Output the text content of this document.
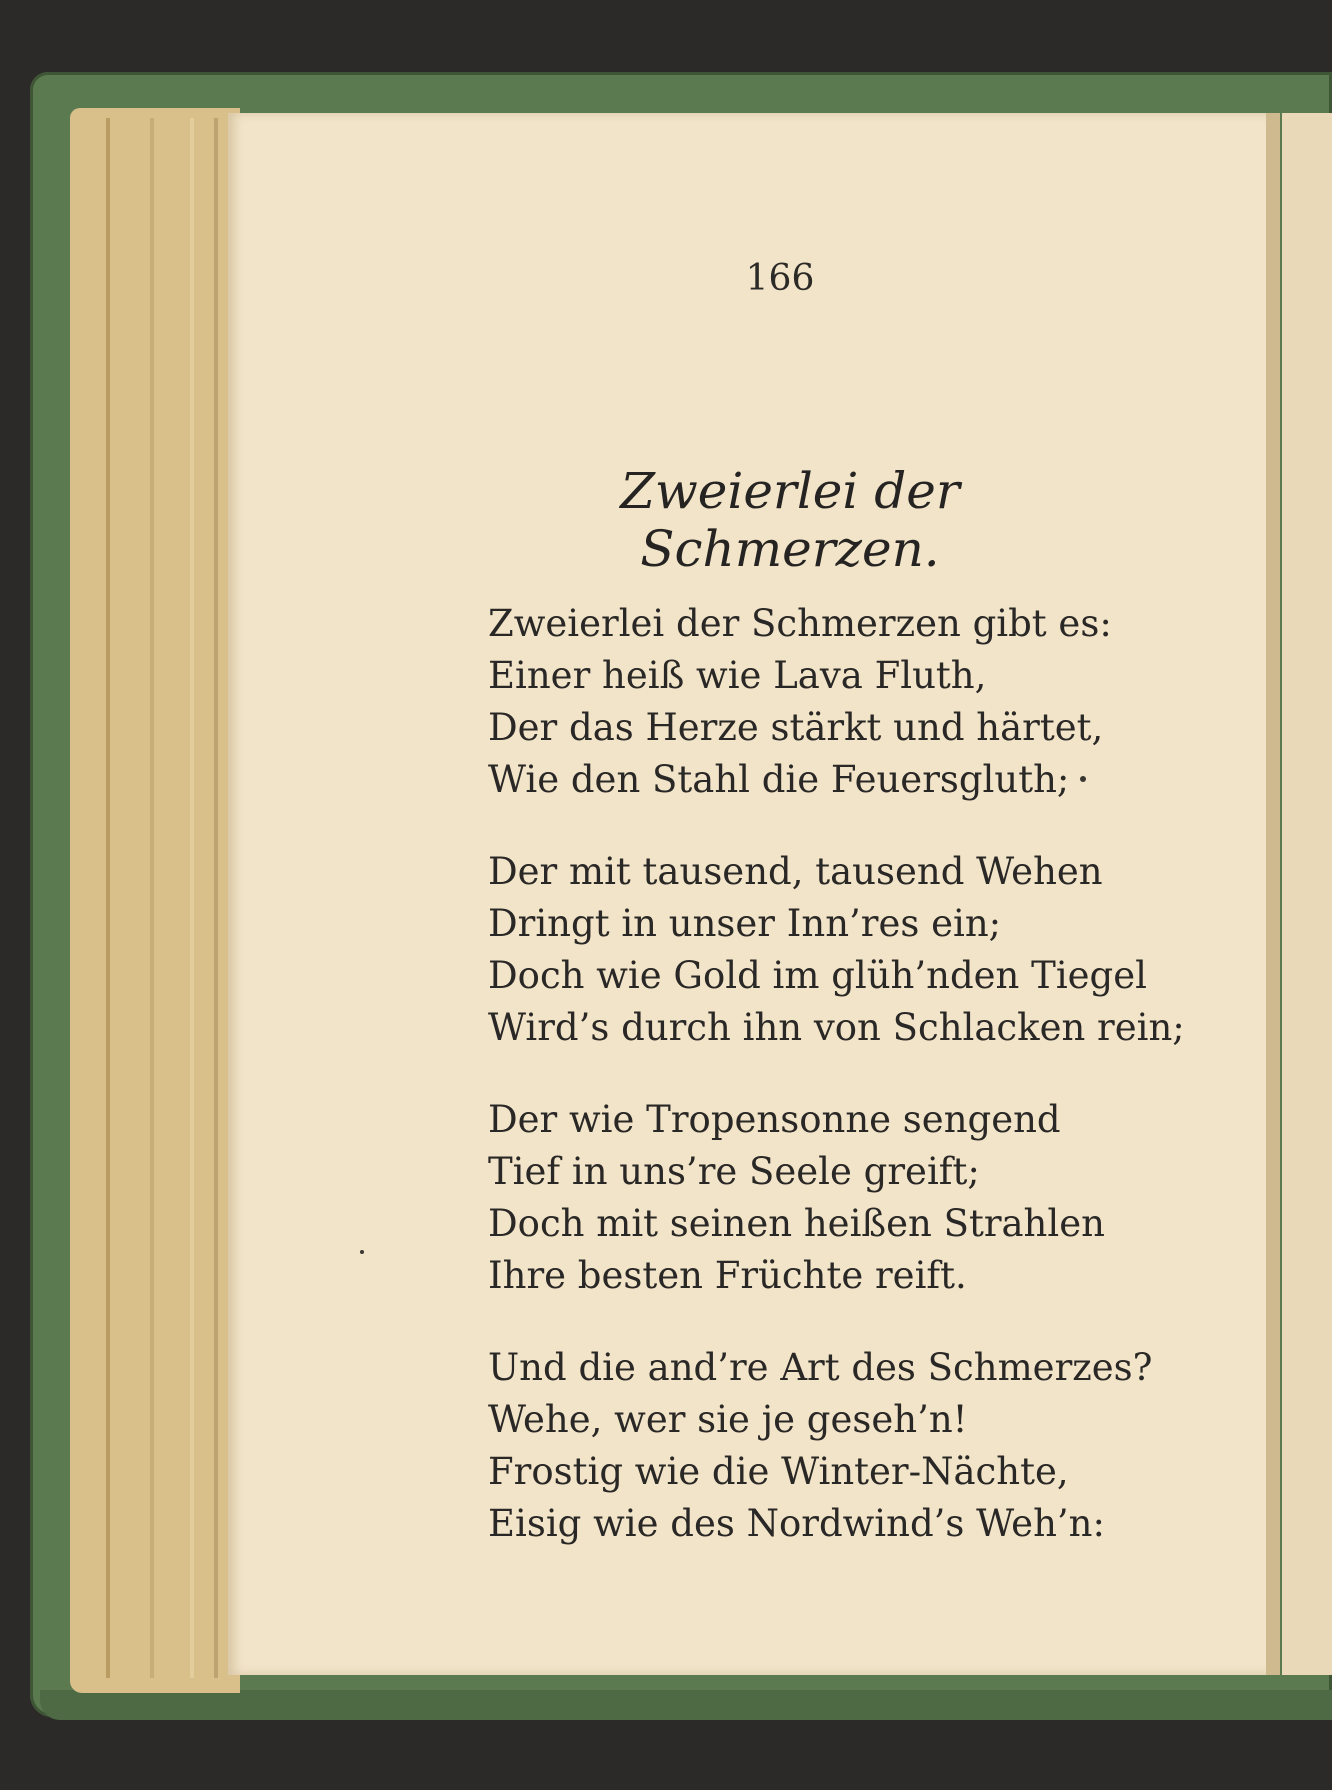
166
Zweierlei der Schmerzen.
Zweierlei der Schmerzen gibt es:
Einer heiß wie Lava Fluth,
Der das Herze stärkt und härtet,
Wie den Stahl die Feuersgluth;
Der mit tausend, tausend Wehen
Dringt in unser Inn’res ein;
Doch wie Gold im glüh’nden Tiegel
Wird’s durch ihn von Schlacken rein;
Der wie Tropensonne sengend
Tief in uns’re Seele greift;
Doch mit seinen heißen Strahlen
Ihre besten Früchte reift.
Und die and’re Art des Schmerzes?
Wehe, wer sie je geseh’n!
Frostig wie die Winter-Nächte,
Eisig wie des Nordwind’s Weh’n:
